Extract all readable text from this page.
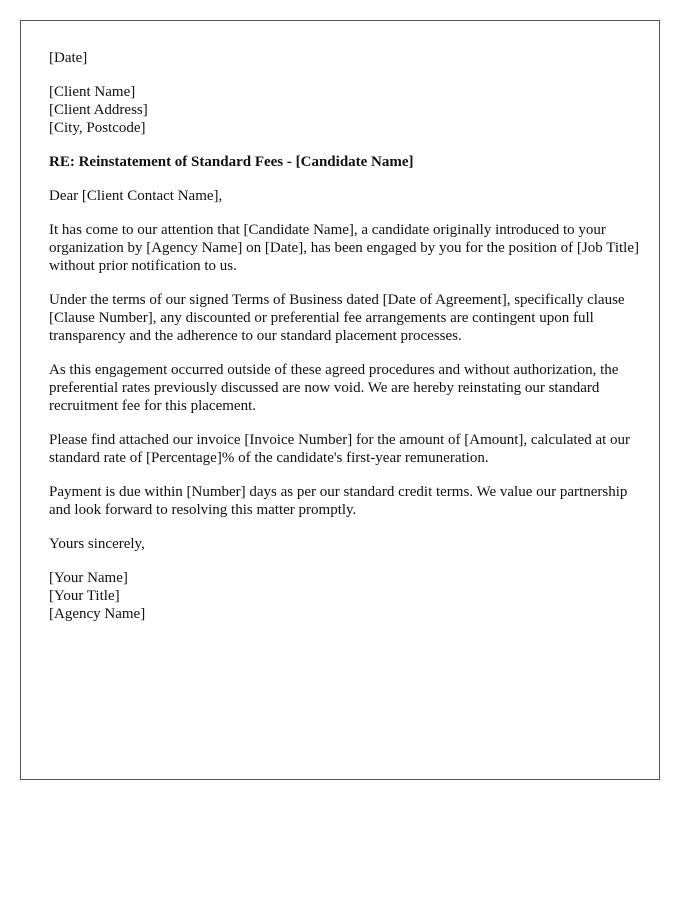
[Date]
[Client Name]
[Client Address]
[City, Postcode]
RE: Reinstatement of Standard Fees - [Candidate Name]
Dear [Client Contact Name],

It has come to our attention that [Candidate Name], a candidate originally introduced to your organization by [Agency Name] on [Date], has been engaged by you for the position of [Job Title] without prior notification to us.

Under the terms of our signed Terms of Business dated [Date of Agreement], specifically clause [Clause Number], any discounted or preferential fee arrangements are contingent upon full transparency and the adherence to our standard placement processes.

As this engagement occurred outside of these agreed procedures and without authorization, the preferential rates previously discussed are now void. We are hereby reinstating our standard recruitment fee for this placement.

Please find attached our invoice [Invoice Number] for the amount of [Amount], calculated at our standard rate of [Percentage]% of the candidate's first-year remuneration.

Payment is due within [Number] days as per our standard credit terms. We value our partnership and look forward to resolving this matter promptly.

Yours sincerely,
[Your Name]
[Your Title]
[Agency Name]
